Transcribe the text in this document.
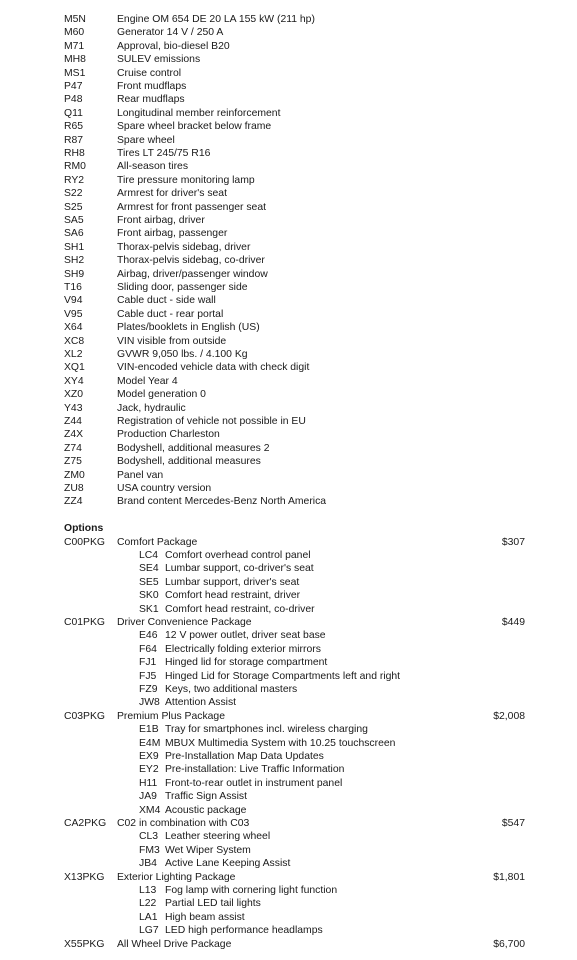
M5N	Engine OM 654 DE 20 LA 155 kW (211 hp)
M60	Generator 14 V / 250 A
M71	Approval, bio-diesel B20
MH8	SULEV emissions
MS1	Cruise control
P47	Front mudflaps
P48	Rear mudflaps
Q11	Longitudinal member reinforcement
R65	Spare wheel bracket below frame
R87	Spare wheel
RH8	Tires LT 245/75 R16
RM0	All-season tires
RY2	Tire pressure monitoring lamp
S22	Armrest for driver's seat
S25	Armrest for front passenger seat
SA5	Front airbag, driver
SA6	Front airbag, passenger
SH1	Thorax-pelvis sidebag, driver
SH2	Thorax-pelvis sidebag, co-driver
SH9	Airbag, driver/passenger window
T16	Sliding door, passenger side
V94	Cable duct - side wall
V95	Cable duct - rear portal
X64	Plates/booklets in English (US)
XC8	VIN visible from outside
XL2	GVWR 9,050 lbs. / 4.100 Kg
XQ1	VIN-encoded vehicle data with check digit
XY4	Model Year 4
XZ0	Model generation 0
Y43	Jack, hydraulic
Z44	Registration of vehicle not possible in EU
Z4X	Production Charleston
Z74	Bodyshell, additional measures 2
Z75	Bodyshell, additional measures
ZM0	Panel van
ZU8	USA country version
ZZ4	Brand content Mercedes-Benz North America
Options
C00PKG Comfort Package	$307
LC4 Comfort overhead control panel
SE4 Lumbar support, co-driver's seat
SE5 Lumbar support, driver's seat
SK0 Comfort head restraint, driver
SK1 Comfort head restraint, co-driver
C01PKG Driver Convenience Package	$449
E46 12 V power outlet, driver seat base
F64 Electrically folding exterior mirrors
FJ1 Hinged lid for storage compartment
FJ5 Hinged Lid for Storage Compartments left and right
FZ9 Keys, two additional masters
JW8 Attention Assist
C03PKG Premium Plus Package	$2,008
E1B Tray for smartphones incl. wireless charging
E4M MBUX Multimedia System with 10.25 touchscreen
EX9 Pre-Installation Map Data Updates
EY2 Pre-installation: Live Traffic Information
H11 Front-to-rear outlet in instrument panel
JA9 Traffic Sign Assist
XM4 Acoustic package
CA2PKG C02 in combination with C03	$547
CL3 Leather steering wheel
FM3 Wet Wiper System
JB4 Active Lane Keeping Assist
X13PKG Exterior Lighting Package	$1,801
L13 Fog lamp with cornering light function
L22 Partial LED tail lights
LA1 High beam assist
LG7 LED high performance headlamps
X55PKG All Wheel Drive Package	$6,700
